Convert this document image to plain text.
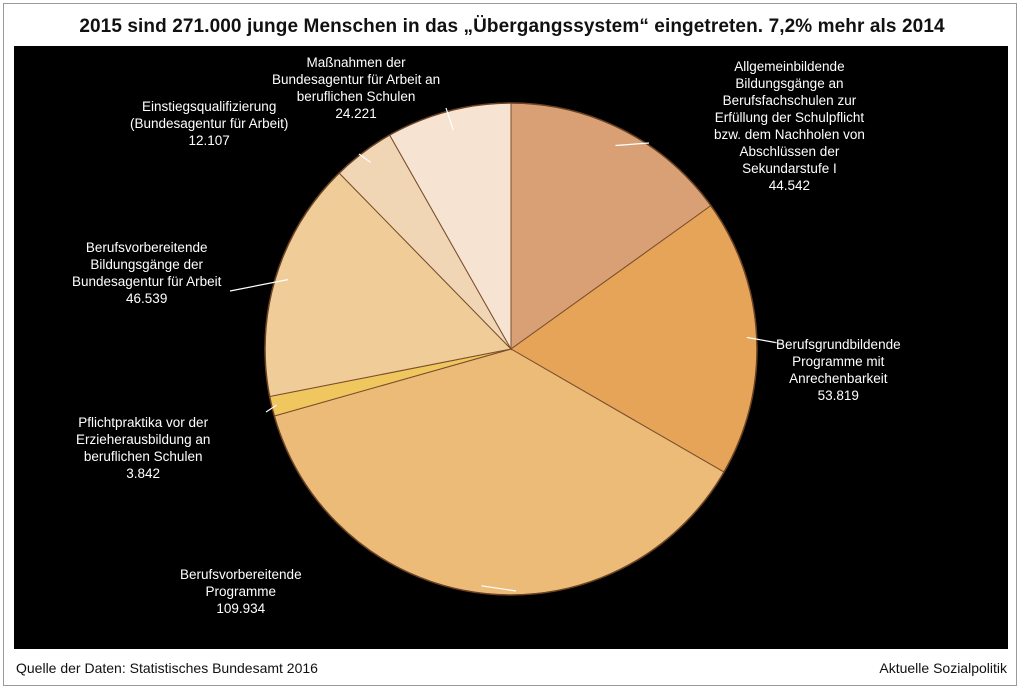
2015 sind 271.000 junge Menschen in das „Übergangssystem“ eingetreten. 7,2% mehr als 2014
Allgemeinbildende
Bildungsgänge an
Berufsfachschulen zur
Erfüllung der Schulpflicht
bzw. dem Nachholen von
Abschlüssen der
Sekundarstufe I
44.542
Berufsgrundbildende
Programme mit
Anrechenbarkeit
53.819
Berufsvorbereitende
Programme
109.934
Pflichtpraktika vor der
Erzieherausbildung an
beruflichen Schulen
3.842
Berufsvorbereitende
Bildungsgänge der
Bundesagentur für Arbeit
46.539
Einstiegsqualifizierung
(Bundesagentur für Arbeit)
12.107
Maßnahmen der
Bundesagentur für Arbeit an
beruflichen Schulen
24.221
Quelle der Daten: Statistisches Bundesamt 2016	Aktuelle Sozialpolitik
